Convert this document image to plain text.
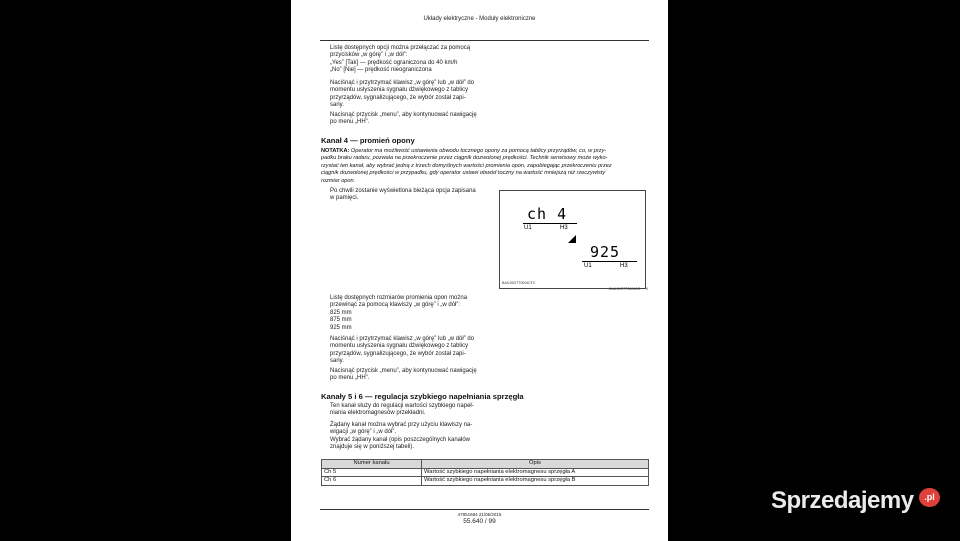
Układy elektryczne - Moduły elektroniczne
Listę dostępnych opcji można przełączać za pomocą
przycisków „w górę” i „w dół”:
„Yes” [Tak] — prędkość ograniczona do 40 km/h
„No” [Nie] — prędkość nieograniczona
Naciśnąć i przytrzymać klawisz „w górę” lub „w dół” do
momentu usłyszenia sygnału dźwiękowego z tabliсy
przyrządów, sygnalizującego, że wybór został zapi-
sany.
Nacisnąć przycisk „menu”, aby kontynuować nawigację
po menu „HH”.
Kanał 4 — promień opony
NOTATKA: Operator ma możliwość ustawienia obwodu tocznego opony za pomocą tablicy przyrządów, co, w przy-
padku braku radaru, pozwala na przekroczenie przez ciągnik dozwolonej prędkości. Technik serwisowy może wyko-
rzystać ten kanał, aby wybrać jedną z trzech domyślnych wartości promienia opon, zapobiegając przekroczeniu przez
ciągnik dozwolonej prędkości w przypadku, gdy operator ustawi obwód toczny na wartość mniejszą niż rzeczywisty
rozmiar opon.
Po chwili zostanie wyświetlona bieżąca opcja zapisana
w pamięci.
ch 4
U1	H3
925
U1	H3
BAIL09GTT0004CFC
BAIL09GTT0004CC 9
Listę dostępnych rozmiarów promienia opon można
przewinąć za pomocą klawiszy „w górę” i „w dół”:
825 mm
875 mm
925 mm
Naciśnąć i przytrzymać klawisz „w górę” lub „w dół” do
momentu usłyszenia sygnału dźwiękowego z tablicy
przyrządów, sygnalizującego, że wybór został zapi-
sany.
Nacisnąć przycisk „menu”, aby kontynuować nawigację
po menu „HH”.
Kanały 5 i 6 — regulacja szybkiego napełniania sprzęgła
Ten kanał służy do regulacji wartości szybkiego napeł-
niania elektromagnesów przekładni.
Żądany kanał można wybrać przy użyciu klawiszy na-
wigacji „w górę” i „w dół”.
Wybrać żądany kanał (opis poszczególnych kanałów
znajduje się w poniższej tabeli).
Numer kanału	Opis
Ch 5	Wartość szybkiego napełniania elektromagnesu sprzęgła A
Ch 6	Wartość szybkiego napełniania elektromagnesu sprzęgła B
47851684 21/05/2015
55.640 / 99
Sprzedajemy	.pl
